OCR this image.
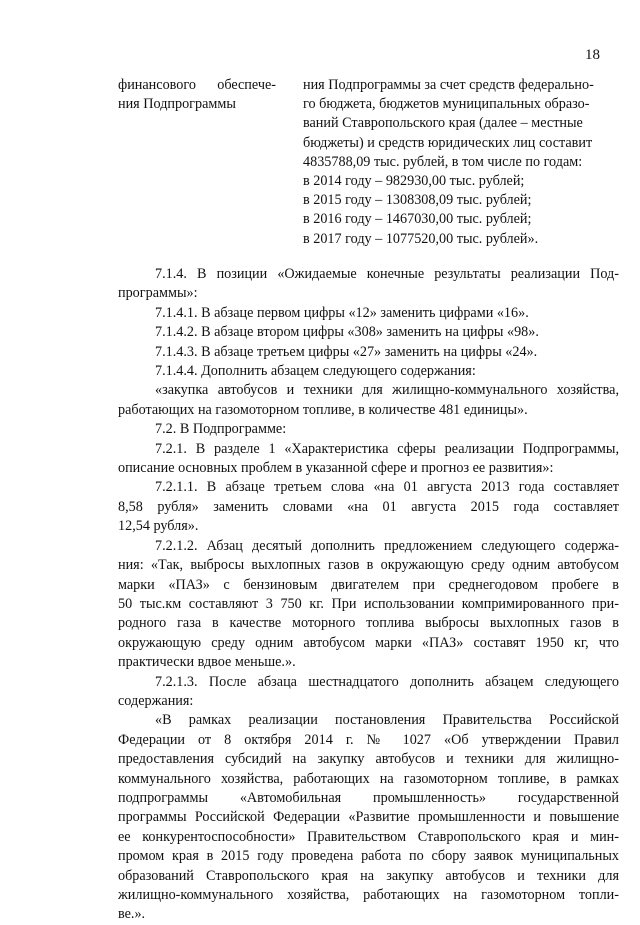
18
финансового обеспече-
ния Подпрограммы
ния Подпрограммы за счет средств федерально-
го бюджета, бюджетов муниципальных образо-
ваний Ставропольского края (далее – местные
бюджеты) и средств юридических лиц составит
4835788,09 тыс. рублей, в том числе по годам:
в 2014 году – 982930,00 тыс. рублей;
в 2015 году – 1308308,09 тыс. рублей;
в 2016 году – 1467030,00 тыс. рублей;
в 2017 году – 1077520,00 тыс. рублей».
7.1.4. В позиции «Ожидаемые конечные результаты реализации Под-
программы»:
7.1.4.1. В абзаце первом цифры «12» заменить цифрами «16».
7.1.4.2. В абзаце втором цифры «308» заменить на цифры «98».
7.1.4.3. В абзаце третьем цифры «27» заменить на цифры «24».
7.1.4.4. Дополнить абзацем следующего содержания:
«закупка автобусов и техники для жилищно-коммунального хозяйства,
работающих на газомоторном топливе, в количестве 481 единицы».
7.2. В Подпрограмме:
7.2.1. В разделе 1 «Характеристика сферы реализации Подпрограммы,
описание основных проблем в указанной сфере и прогноз ее развития»:
7.2.1.1. В абзаце третьем слова «на 01 августа 2013 года составляет
8,58 рубля» заменить словами «на 01 августа 2015 года составляет
12,54 рубля».
7.2.1.2. Абзац десятый дополнить предложением следующего содержа-
ния: «Так, выбросы выхлопных газов в окружающую среду одним автобусом
марки «ПАЗ» с бензиновым двигателем при среднегодовом пробеге в
50 тыс.км составляют 3 750 кг. При использовании компримированного при-
родного газа в качестве моторного топлива выбросы выхлопных газов в
окружающую среду одним автобусом марки «ПАЗ» составят 1950 кг, что
практически вдвое меньше.».
7.2.1.3. После абзаца шестнадцатого дополнить абзацем следующего
содержания:
«В рамках реализации постановления Правительства Российской
Федерации от 8 октября 2014 г. № 1027 «Об утверждении Правил
предоставления субсидий на закупку автобусов и техники для жилищно-
коммунального хозяйства, работающих на газомоторном топливе, в рамках
подпрограммы «Автомобильная промышленность» государственной
программы Российской Федерации «Развитие промышленности и повышение
ее конкурентоспособности» Правительством Ставропольского края и мин-
промом края в 2015 году проведена работа по сбору заявок муниципальных
образований Ставропольского края на закупку автобусов и техники для
жилищно-коммунального хозяйства, работающих на газомоторном топли-
ве.».
